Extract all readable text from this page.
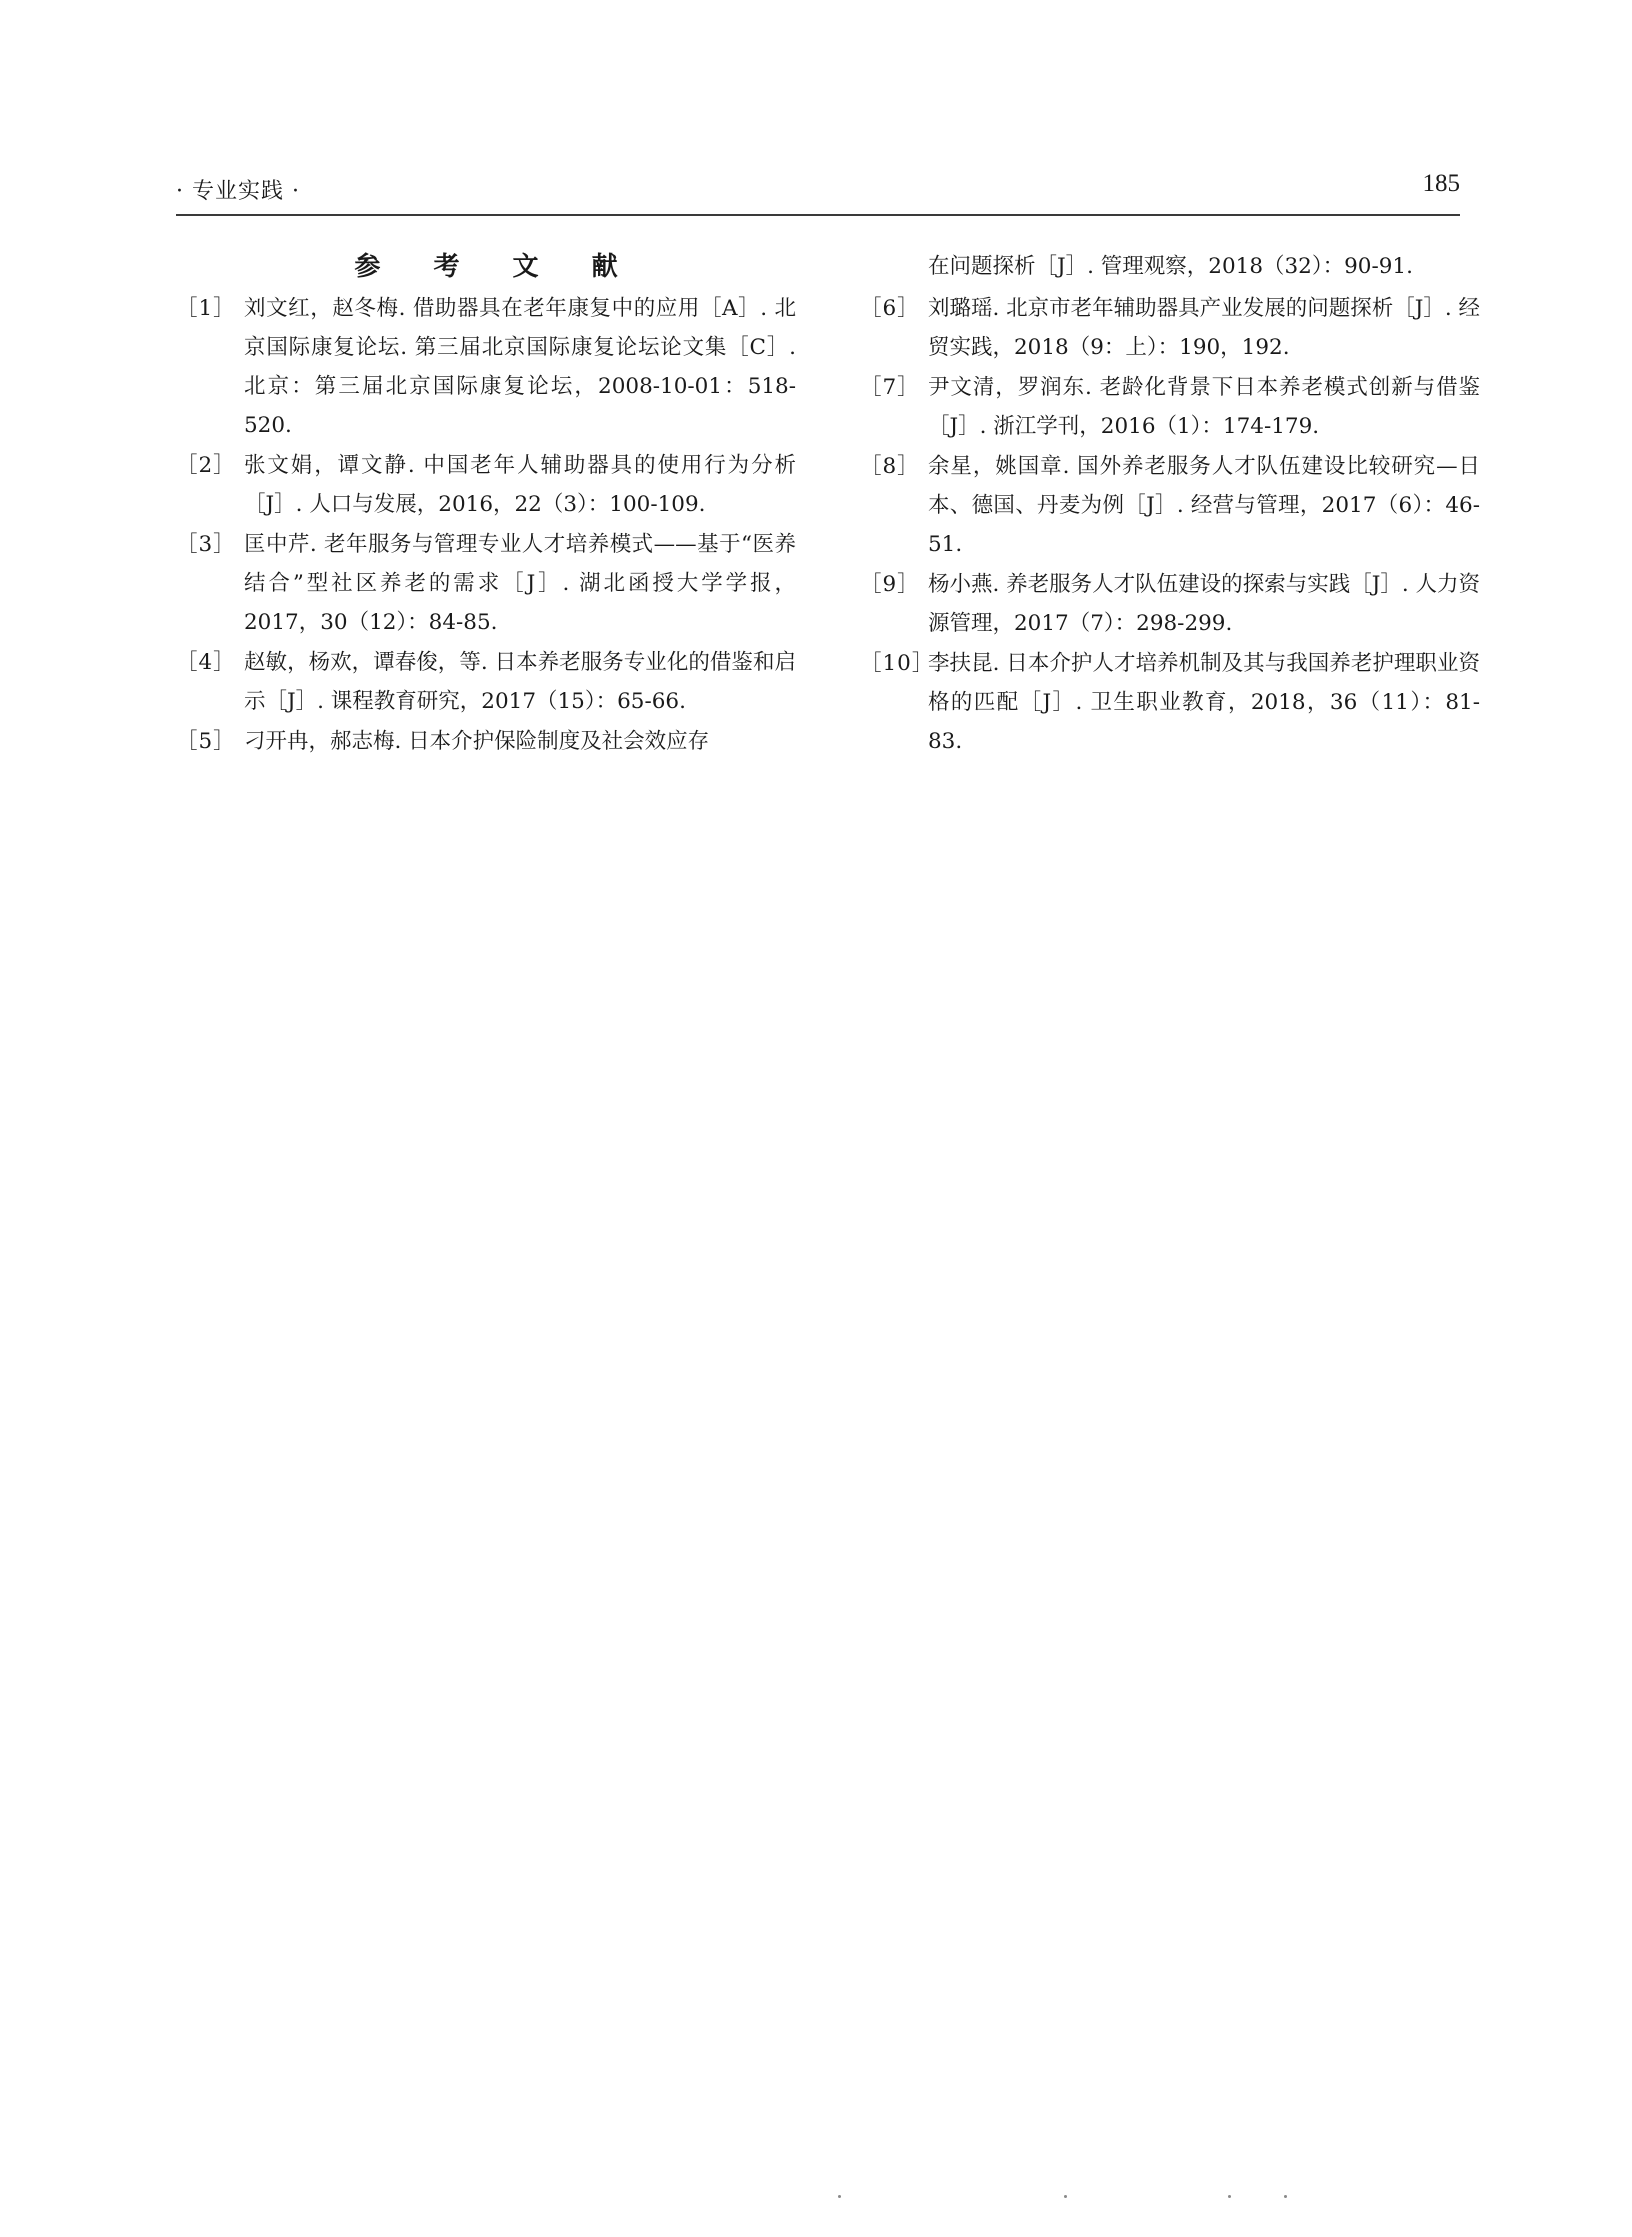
· 专业实践 ·	185
参 考 文 献
［1］ 刘文红，赵冬梅. 借助器具在老年康复中的应用［A］. 北京国际康复论坛. 第三届北京国际康复论坛论文集［C］. 北京：第三届北京国际康复论坛，2008-10-01：518-520.
［2］ 张文娟，谭文静. 中国老年人辅助器具的使用行为分析［J］. 人口与发展，2016，22（3）：100-109.
［3］ 匡中芹. 老年服务与管理专业人才培养模式——基于“医养结合”型社区养老的需求［J］. 湖北函授大学学报，2017，30（12）：84-85.
［4］ 赵敏，杨欢，谭春俊，等. 日本养老服务专业化的借鉴和启示［J］. 课程教育研究，2017（15）：65-66.
［5］ 刁开冉，郝志梅. 日本介护保险制度及社会效应存
在问题探析［J］. 管理观察，2018（32）：90-91.
［6］ 刘璐瑶. 北京市老年辅助器具产业发展的问题探析［J］. 经贸实践，2018（9：上）：190，192.
［7］ 尹文清，罗润东. 老龄化背景下日本养老模式创新与借鉴［J］. 浙江学刊，2016（1）：174-179.
［8］ 余星，姚国章. 国外养老服务人才队伍建设比较研究—日本、德国、丹麦为例［J］. 经营与管理，2017（6）：46-51.
［9］ 杨小燕. 养老服务人才队伍建设的探索与实践［J］. 人力资源管理，2017（7）：298-299.
［10］
李扶昆. 日本介护人才培养机制及其与我国养老护理职业资格的匹配［J］. 卫生职业教育，2018，36（11）：81-83.
